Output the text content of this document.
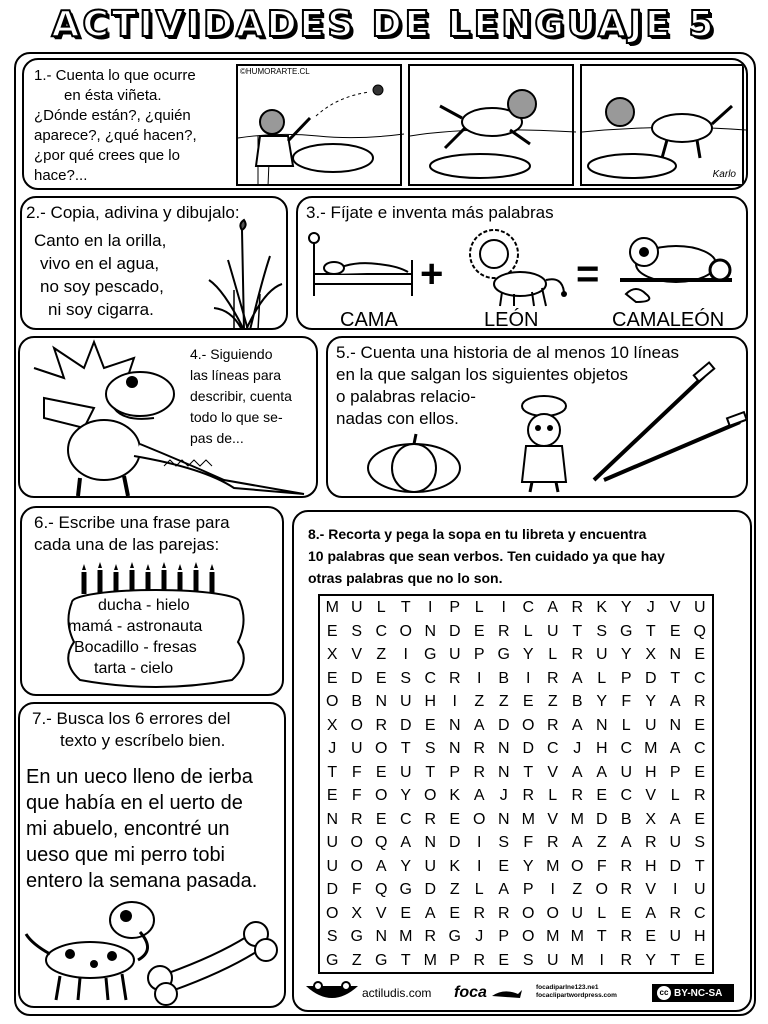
ACTIVIDADES DE LENGUAJE 5
1.- Cuenta lo que ocurre
en ésta viñeta.
¿Dónde están?, ¿quién
aparece?, ¿qué hacen?,
¿por qué crees que lo
hace?...
©HUMORARTE.CL
Karlo
2.- Copia, adivina y dibujalo:
Canto en la orilla,
vivo en el agua,
no soy pescado,
ni soy cigarra.
3.- Fíjate e inventa más palabras
+	=
CAMA	LEÓN	CAMALEÓN
4.- Siguiendo
las líneas para
describir, cuenta
todo lo que se-
pas de...
5.- Cuenta una historia de al menos 10 líneas
en la que salgan los siguientes objetos
o palabras relacio-
nadas con ellos.
6.- Escribe una frase para
cada una de las parejas:
ducha - hielo
mamá - astronauta
Bocadillo - fresas
tarta - cielo
7.- Busca los 6 errores del
texto y escríbelo bien.
En un ueco lleno de ierba
que había en el uerto de
mi abuelo, encontré un
ueso que mi perro tobi
entero la semana pasada.
8.- Recorta y pega la sopa en tu libreta y encuentra
10 palabras que sean verbos. Ten cuidado ya que hay
otras palabras que no lo son.
M U L T	I	P L	I	C A R K Y J V U
E S C O N D E R L U T S G T E Q
X V Z	I	G U P G Y L R U Y X N E
E D E S C R	I	B	I	R A L P D T C
O B N U H	I	Z Z E Z B Y F Y A R
X O R D E N A D O R A N L U N E
J U O T S N R N D C J H C M A C
T F E U T P R N T V A A U H P E
E F O Y O K A J R L R E C V L R
N R E C R E O N M V M D B X A E
U O Q A N D	I	S F R A Z A R U S
U O A Y U K	I	E Y M O F R H D T
D F Q G D Z L A P	I	Z O R V	I	U
O X V E A E R R O O U L E A R C
S G N M R G J P O M M T R E U H
G Z G T M P R E S U M I	R Y T E
actiludis.com foca	focadiparlne123.ne1
focaclipartwordpress.com	cc BY-NC-SA
